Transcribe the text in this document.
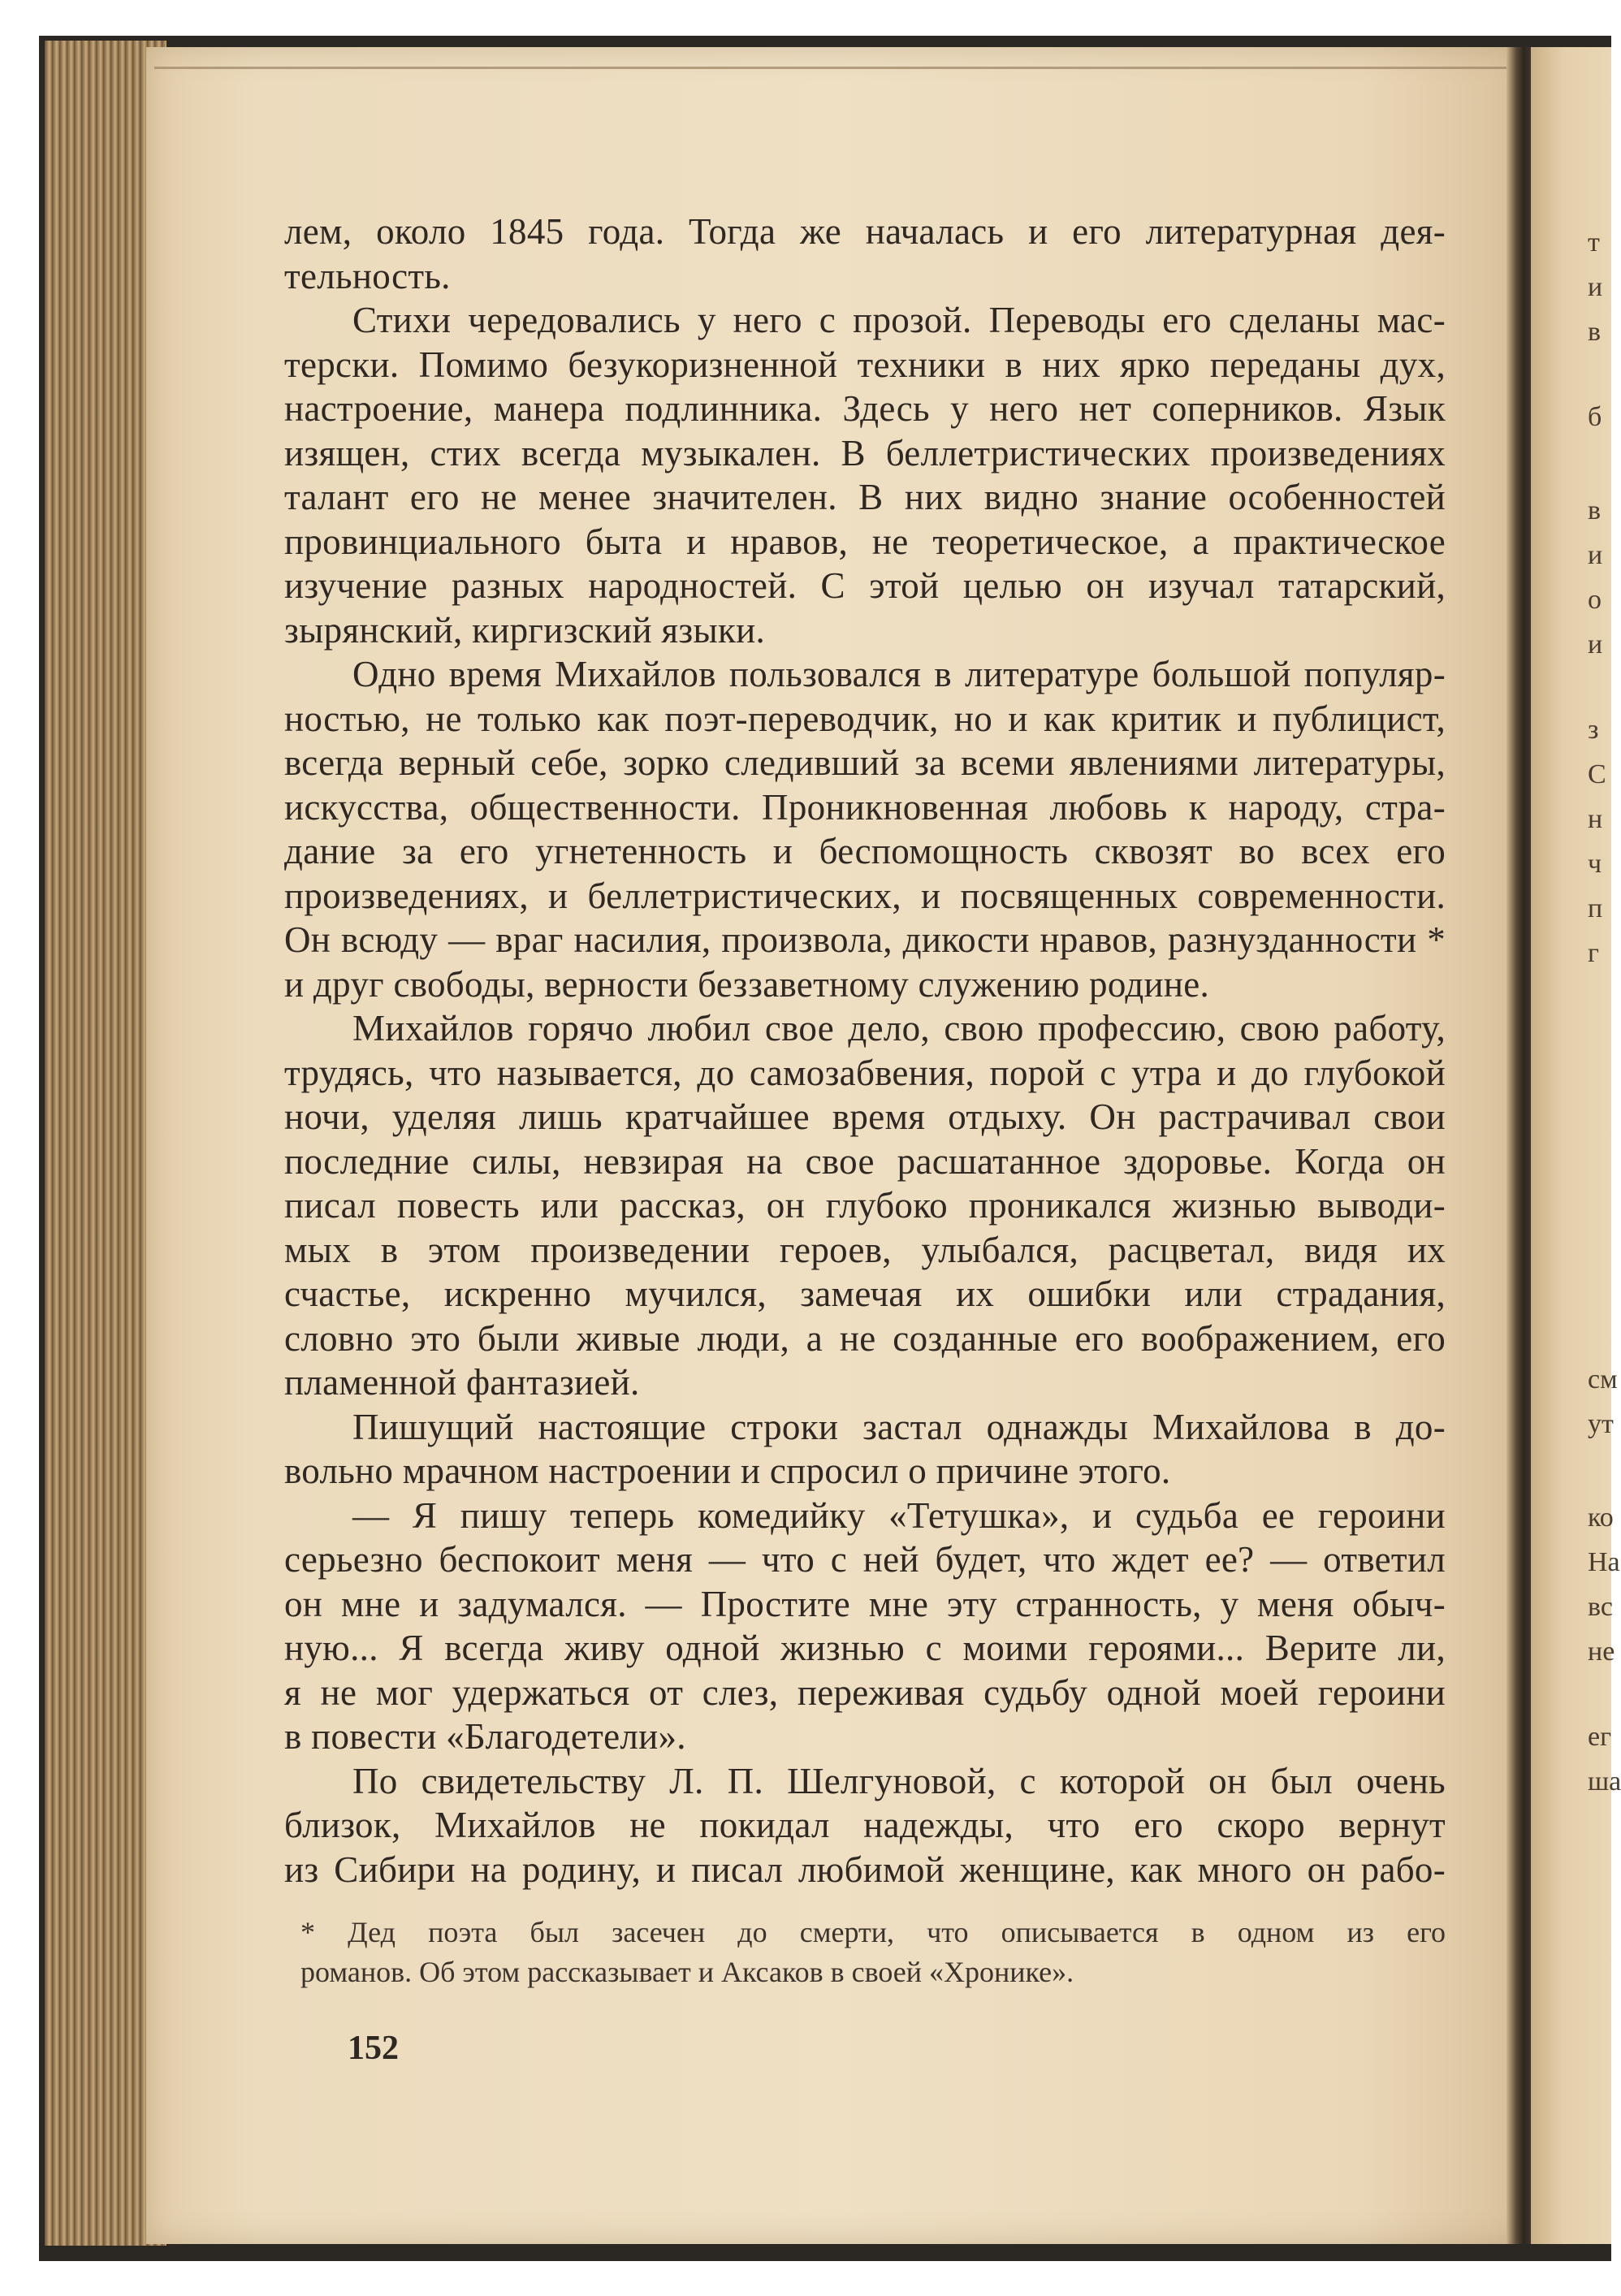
т
и
в
б
в
и
о
и
з
С
н
ч
п
г
см
ут
ко
На
вс
не
ег
ша
лем, около 1845 года. Тогда же началась и его литературная дея-
тельность.
Стихи чередовались у него с прозой. Переводы его сделаны мас-
терски. Помимо безукоризненной техники в них ярко переданы дух,
настроение, манера подлинника. Здесь у него нет соперников. Язык
изящен, стих всегда музыкален. В беллетристических произведениях
талант его не менее значителен. В них видно знание особенностей
провинциального быта и нравов, не теоретическое, а практическое
изучение разных народностей. С этой целью он изучал татарский,
зырянский, киргизский языки.
Одно время Михайлов пользовался в литературе большой популяр-
ностью, не только как поэт-переводчик, но и как критик и публицист,
всегда верный себе, зорко следивший за всеми явлениями литературы,
искусства, общественности. Проникновенная любовь к народу, стра-
дание за его угнетенность и беспомощность сквозят во всех его
произведениях, и беллетристических, и посвященных современности.
Он всюду — враг насилия, произвола, дикости нравов, разнузданности *
и друг свободы, верности беззаветному служению родине.
Михайлов горячо любил свое дело, свою профессию, свою работу,
трудясь, что называется, до самозабвения, порой с утра и до глубокой
ночи, уделяя лишь кратчайшее время отдыху. Он растрачивал свои
последние силы, невзирая на свое расшатанное здоровье. Когда он
писал повесть или рассказ, он глубоко проникался жизнью выводи-
мых в этом произведении героев, улыбался, расцветал, видя их
счастье, искренно мучился, замечая их ошибки или страдания,
словно это были живые люди, а не созданные его воображением, его
пламенной фантазией.
Пишущий настоящие строки застал однажды Михайлова в до-
вольно мрачном настроении и спросил о причине этого.
— Я пишу теперь комедийку «Тетушка», и судьба ее героини
серьезно беспокоит меня — что с ней будет, что ждет ее? — ответил
он мне и задумался. — Простите мне эту странность, у меня обыч-
ную... Я всегда живу одной жизнью с моими героями... Верите ли,
я не мог удержаться от слез, переживая судьбу одной моей героини
в повести «Благодетели».
По свидетельству Л. П. Шелгуновой, с которой он был очень
близок, Михайлов не покидал надежды, что его скоро вернут
из Сибири на родину, и писал любимой женщине, как много он рабо-
* Дед поэта был засечен до смерти, что описывается в одном из его
романов. Об этом рассказывает и Аксаков в своей «Хронике».
152
